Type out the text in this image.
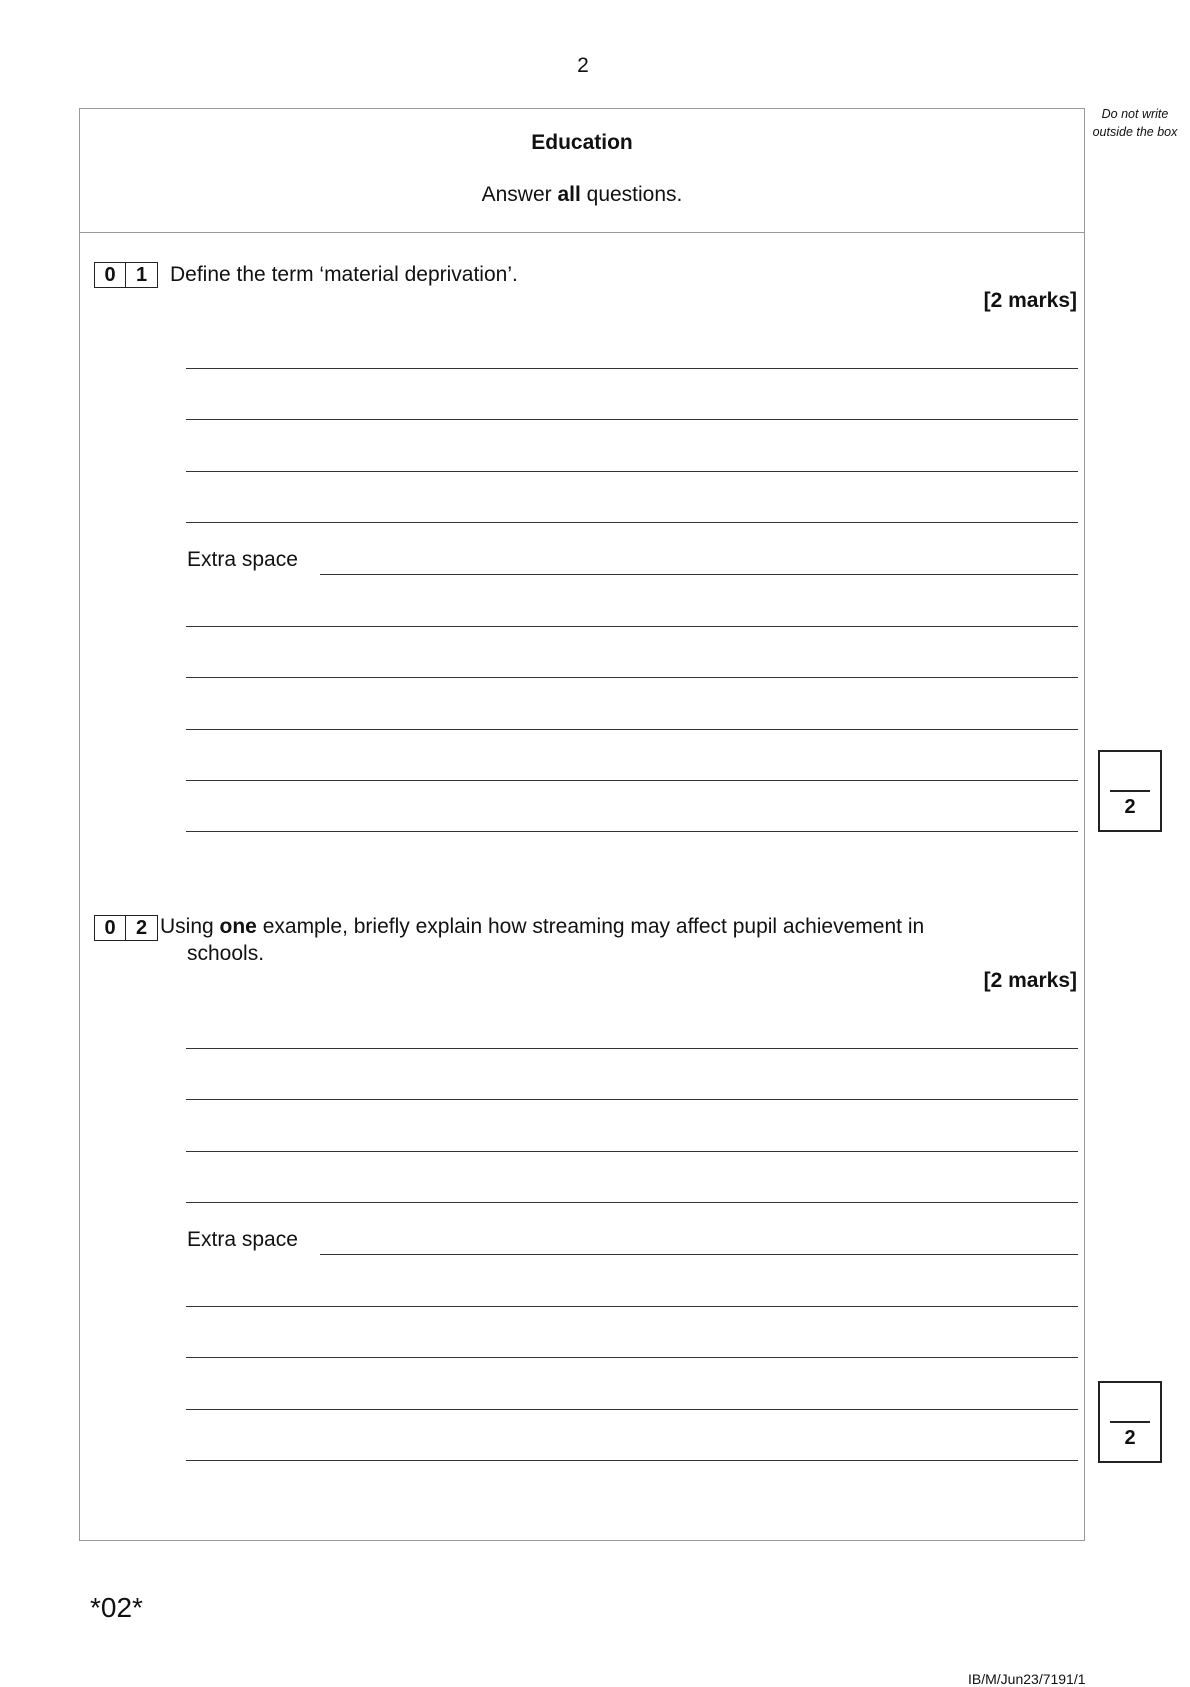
2
Education
Answer all questions.
Do not write outside the box
0	1	Define the term ‘material deprivation’.
[2 marks]
Extra space
2
0	2 Using one example, briefly explain how streaming may affect pupil achievement in
schools.
[2 marks]
Extra space
2
*02*
IB/M/Jun23/7191/1
